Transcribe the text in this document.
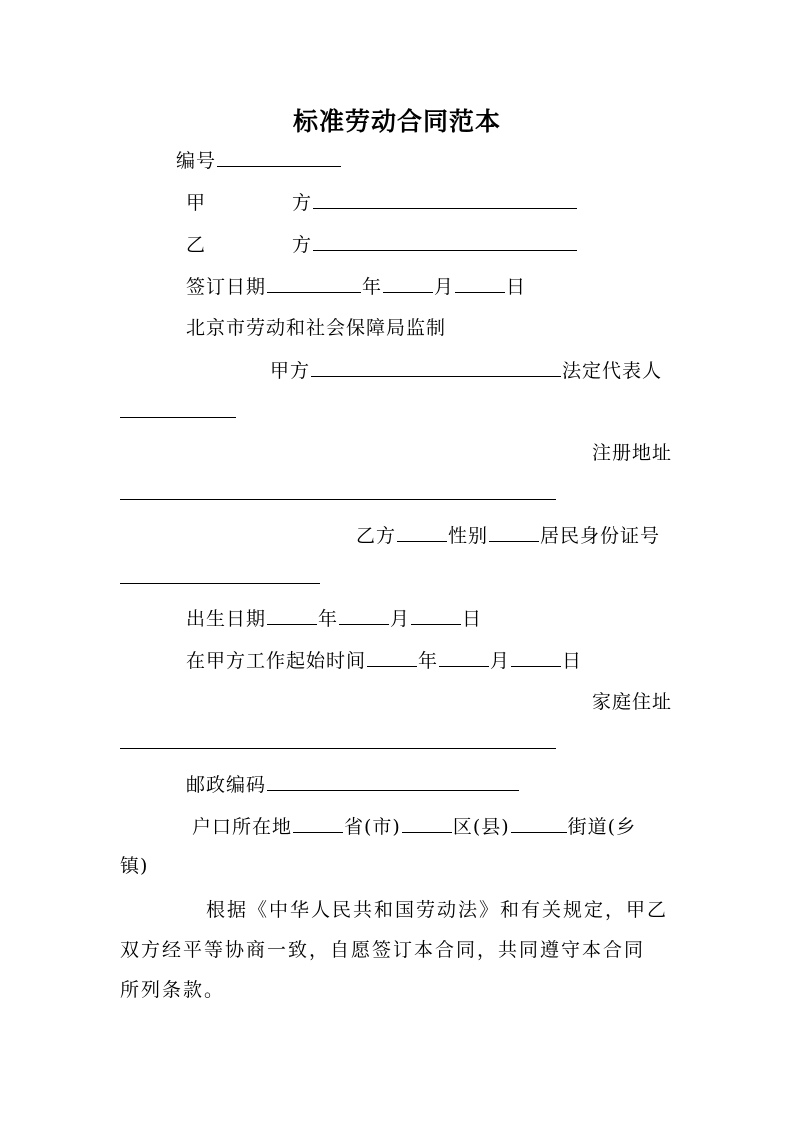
标准劳动合同范本
编号
甲	方
乙	方
签订日期	年	月	日
北京市劳动和社会保障局监制
甲方	法定代表人
注册地址
乙方	性别	居民身份证号
出生日期	年	月	日
在甲方工作起始时间	年	月	日
家庭住址
邮政编码
户口所在地	省(市)	区(县)	街道(乡
镇)
根据《中华人民共和国劳动法》和有关规定，甲乙
双方经平等协商一致，自愿签订本合同，共同遵守本合同
所列条款。
